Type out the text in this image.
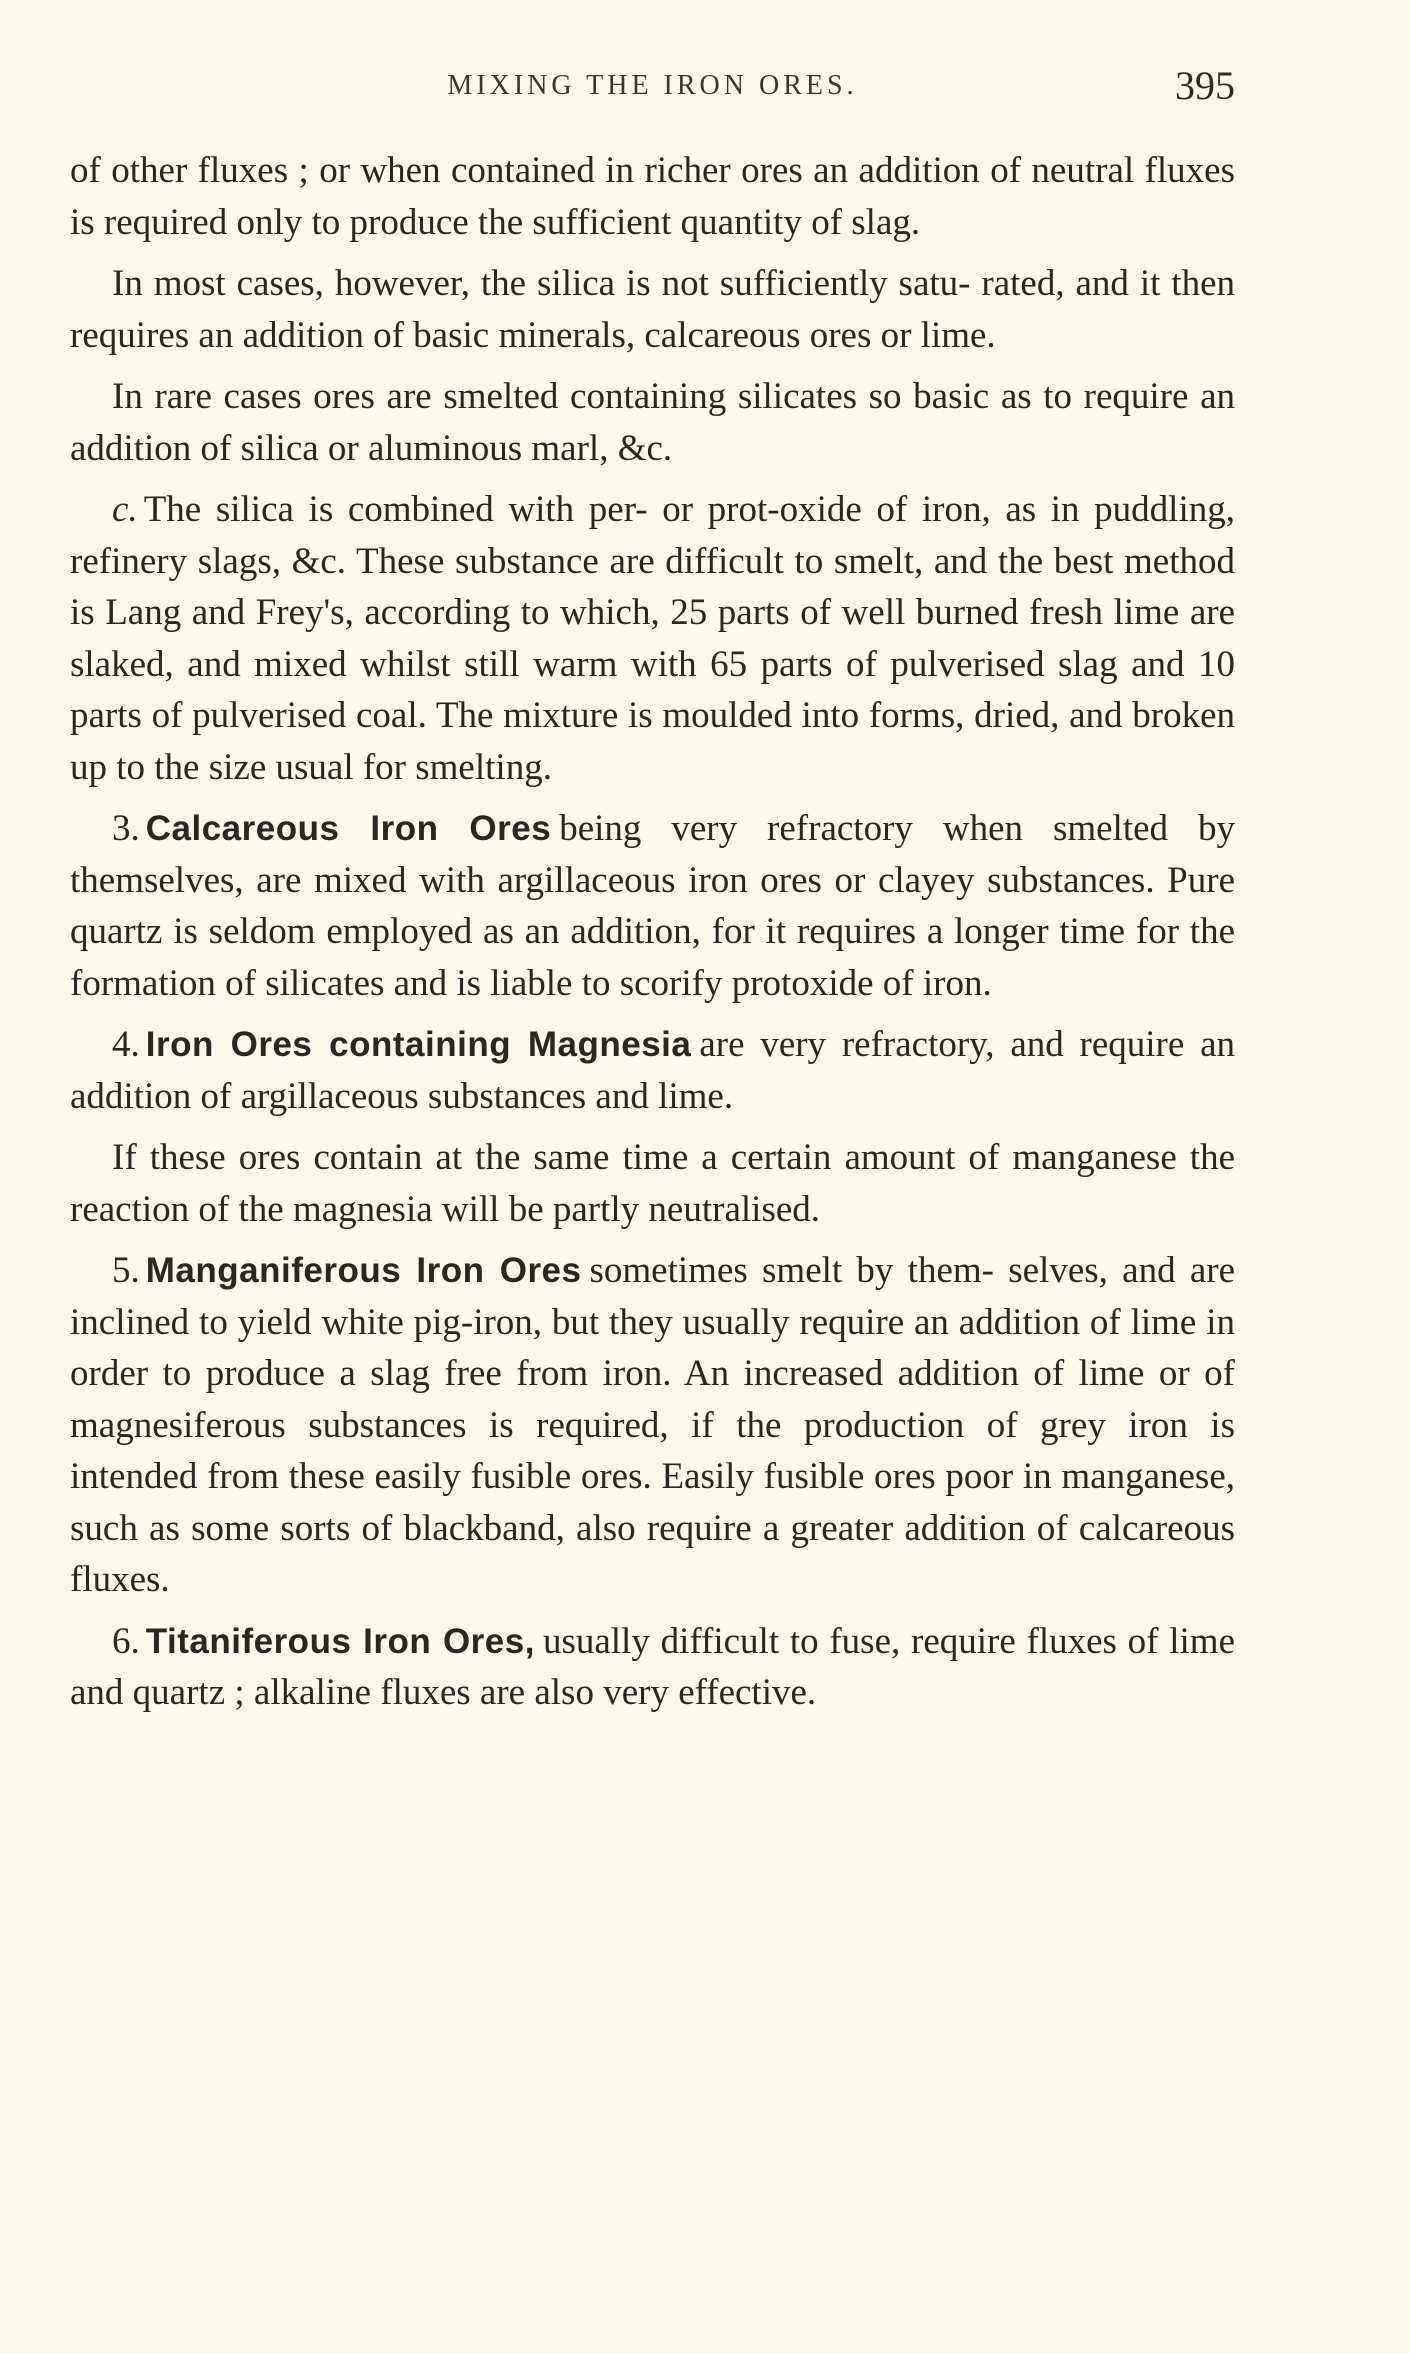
MIXING THE IRON ORES.	395

of other fluxes ; or when contained in richer ores an addition of neutral fluxes is required only to produce the sufficient quantity of slag.

In most cases, however, the silica is not sufficiently satu- rated, and it then requires an addition of basic minerals, calcareous ores or lime.

In rare cases ores are smelted containing silicates so basic as to require an addition of silica or aluminous marl, &c.

c. The silica is combined with per- or prot-oxide of iron, as in puddling, refinery slags, &c. These substance are difficult to smelt, and the best method is Lang and Frey's, according to which, 25 parts of well burned fresh lime are slaked, and mixed whilst still warm with 65 parts of pulverised slag and 10 parts of pulverised coal. The mixture is moulded into forms, dried, and broken up to the size usual for smelting.

3. Calcareous Iron Ores being very refractory when smelted by themselves, are mixed with argillaceous iron ores or clayey substances. Pure quartz is seldom employed as an addition, for it requires a longer time for the formation of silicates and is liable to scorify protoxide of iron.

4. Iron Ores containing Magnesia are very refractory, and require an addition of argillaceous substances and lime.

If these ores contain at the same time a certain amount of manganese the reaction of the magnesia will be partly neutralised.

5. Manganiferous Iron Ores sometimes smelt by them- selves, and are inclined to yield white pig-iron, but they usually require an addition of lime in order to produce a slag free from iron. An increased addition of lime or of magnesiferous substances is required, if the production of grey iron is intended from these easily fusible ores. Easily fusible ores poor in manganese, such as some sorts of blackband, also require a greater addition of calcareous fluxes.

6. Titaniferous Iron Ores, usually difficult to fuse, require fluxes of lime and quartz ; alkaline fluxes are also very effective.
